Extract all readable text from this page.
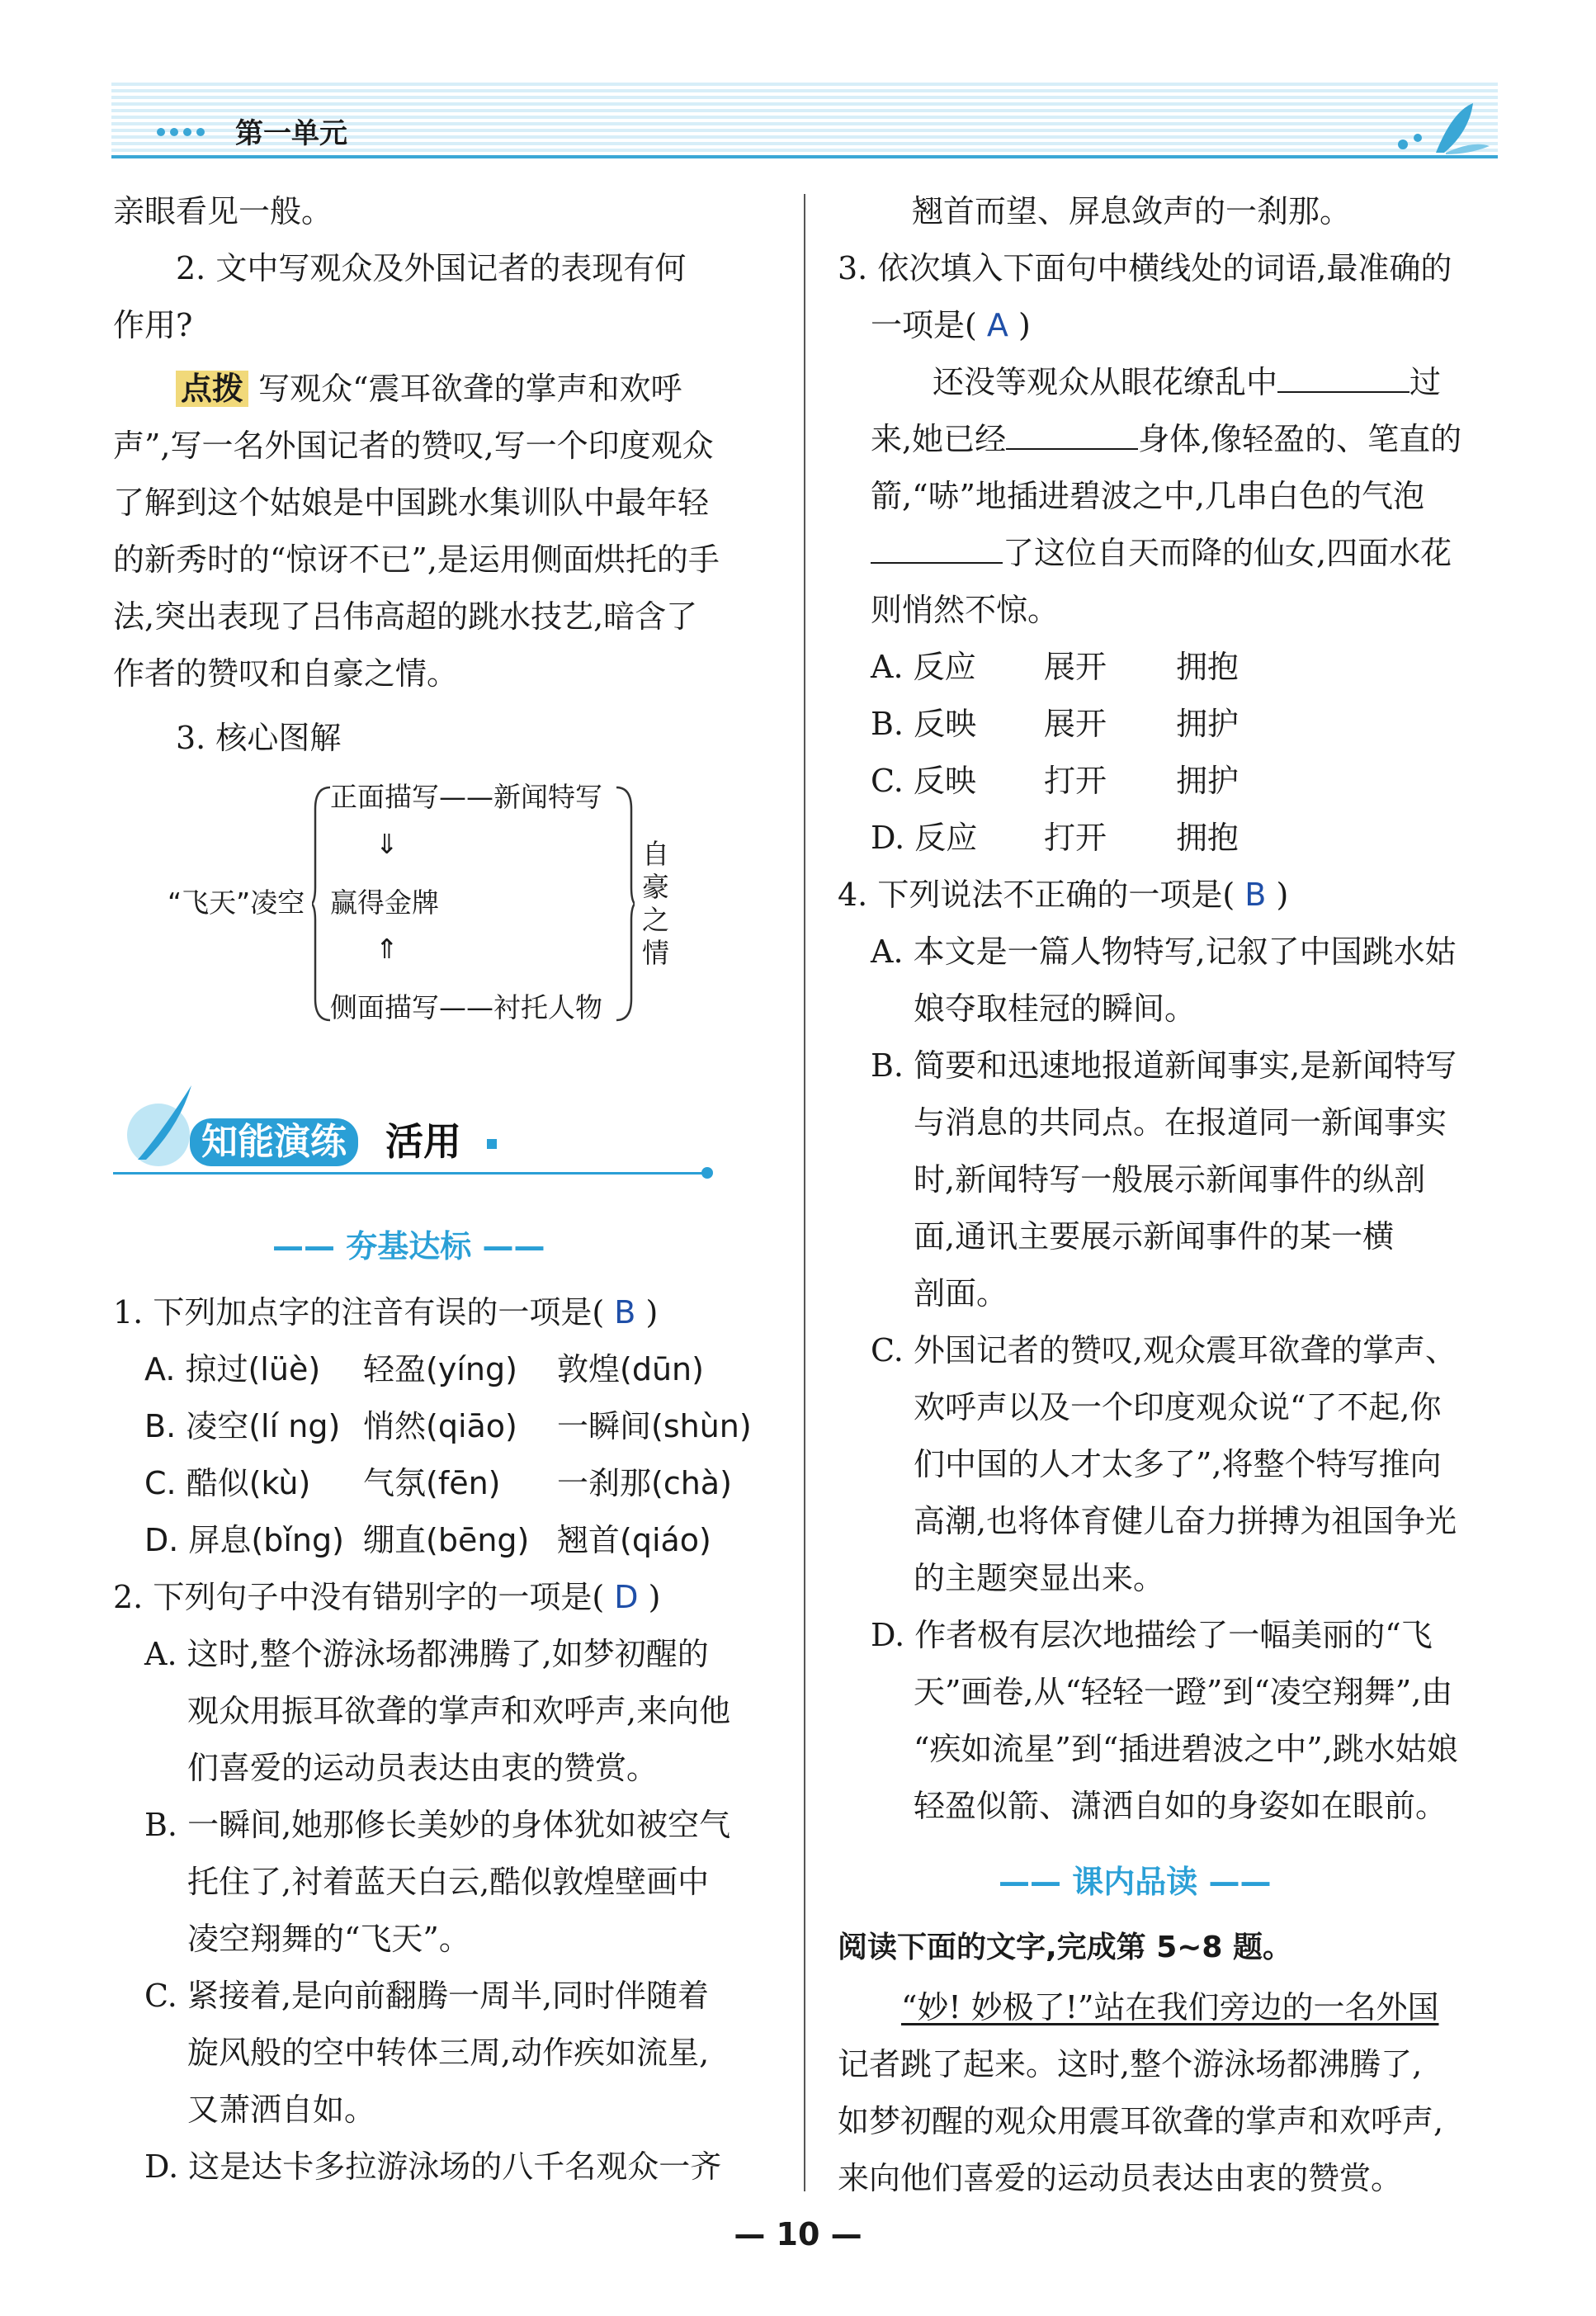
第一单元
亲眼看见一般。
2. 文中写观众及外国记者的表现有何
作用?
点拨 写观众“震耳欲聋的掌声和欢呼
声”,写一名外国记者的赞叹,写一个印度观众
了解到这个姑娘是中国跳水集训队中最年轻
的新秀时的“惊讶不已”,是运用侧面烘托的手
法,突出表现了吕伟高超的跳水技艺,暗含了
作者的赞叹和自豪之情。
3. 核心图解
“飞天”凌空
正面描写——新闻特写
⇓
赢得金牌
⇑
侧面描写——衬托人物
自豪之情
知能演练	活用
—— 夯基达标 ——
1. 下列加点字的注音有误的一项是( B )
A. 掠过(lüè) 轻盈(yíng) 敦煌(dūn)
B. 凌空(lí ng) 悄然(qiāo) 一瞬间(shùn)
C. 酷似(kù) 气氛(fēn) 一刹那(chà)
D. 屏息(bǐng) 绷直(bēng) 翘首(qiáo)
2. 下列句子中没有错别字的一项是( D )
A. 这时,整个游泳场都沸腾了,如梦初醒的
观众用振耳欲聋的掌声和欢呼声,来向他
们喜爱的运动员表达由衷的赞赏。
B. 一瞬间,她那修长美妙的身体犹如被空气
托住了,衬着蓝天白云,酷似敦煌壁画中
凌空翔舞的“飞天”。
C. 紧接着,是向前翻腾一周半,同时伴随着
旋风般的空中转体三周,动作疾如流星,
又萧洒自如。
D. 这是达卡多拉游泳场的八千名观众一齐
翘首而望、屏息敛声的一刹那。
3. 依次填入下面句中横线处的词语,最准确的
一项是( A )
还没等观众从眼花缭乱中	过
来,她已经	身体,像轻盈的、笔直的
箭,“哧”地插进碧波之中,几串白色的气泡
了这位自天而降的仙女,四面水花
则悄然不惊。
A. 反应 展开 拥抱
B. 反映 展开 拥护
C. 反映 打开 拥护
D. 反应 打开 拥抱
4. 下列说法不正确的一项是( B )
A. 本文是一篇人物特写,记叙了中国跳水姑
娘夺取桂冠的瞬间。
B. 简要和迅速地报道新闻事实,是新闻特写
与消息的共同点。在报道同一新闻事实
时,新闻特写一般展示新闻事件的纵剖
面,通讯主要展示新闻事件的某一横
剖面。
C. 外国记者的赞叹,观众震耳欲聋的掌声、
欢呼声以及一个印度观众说“了不起,你
们中国的人才太多了”,将整个特写推向
高潮,也将体育健儿奋力拼搏为祖国争光
的主题突显出来。
D. 作者极有层次地描绘了一幅美丽的“飞
天”画卷,从“轻轻一蹬”到“凌空翔舞”,由
“疾如流星”到“插进碧波之中”,跳水姑娘
轻盈似箭、潇洒自如的身姿如在眼前。
—— 课内品读 ——
阅读下面的文字,完成第 5~8 题。
“妙! 妙极了!”站在我们旁边的一名外国
记者跳了起来。这时,整个游泳场都沸腾了,
如梦初醒的观众用震耳欲聋的掌声和欢呼声,
来向他们喜爱的运动员表达由衷的赞赏。
— 10 —
